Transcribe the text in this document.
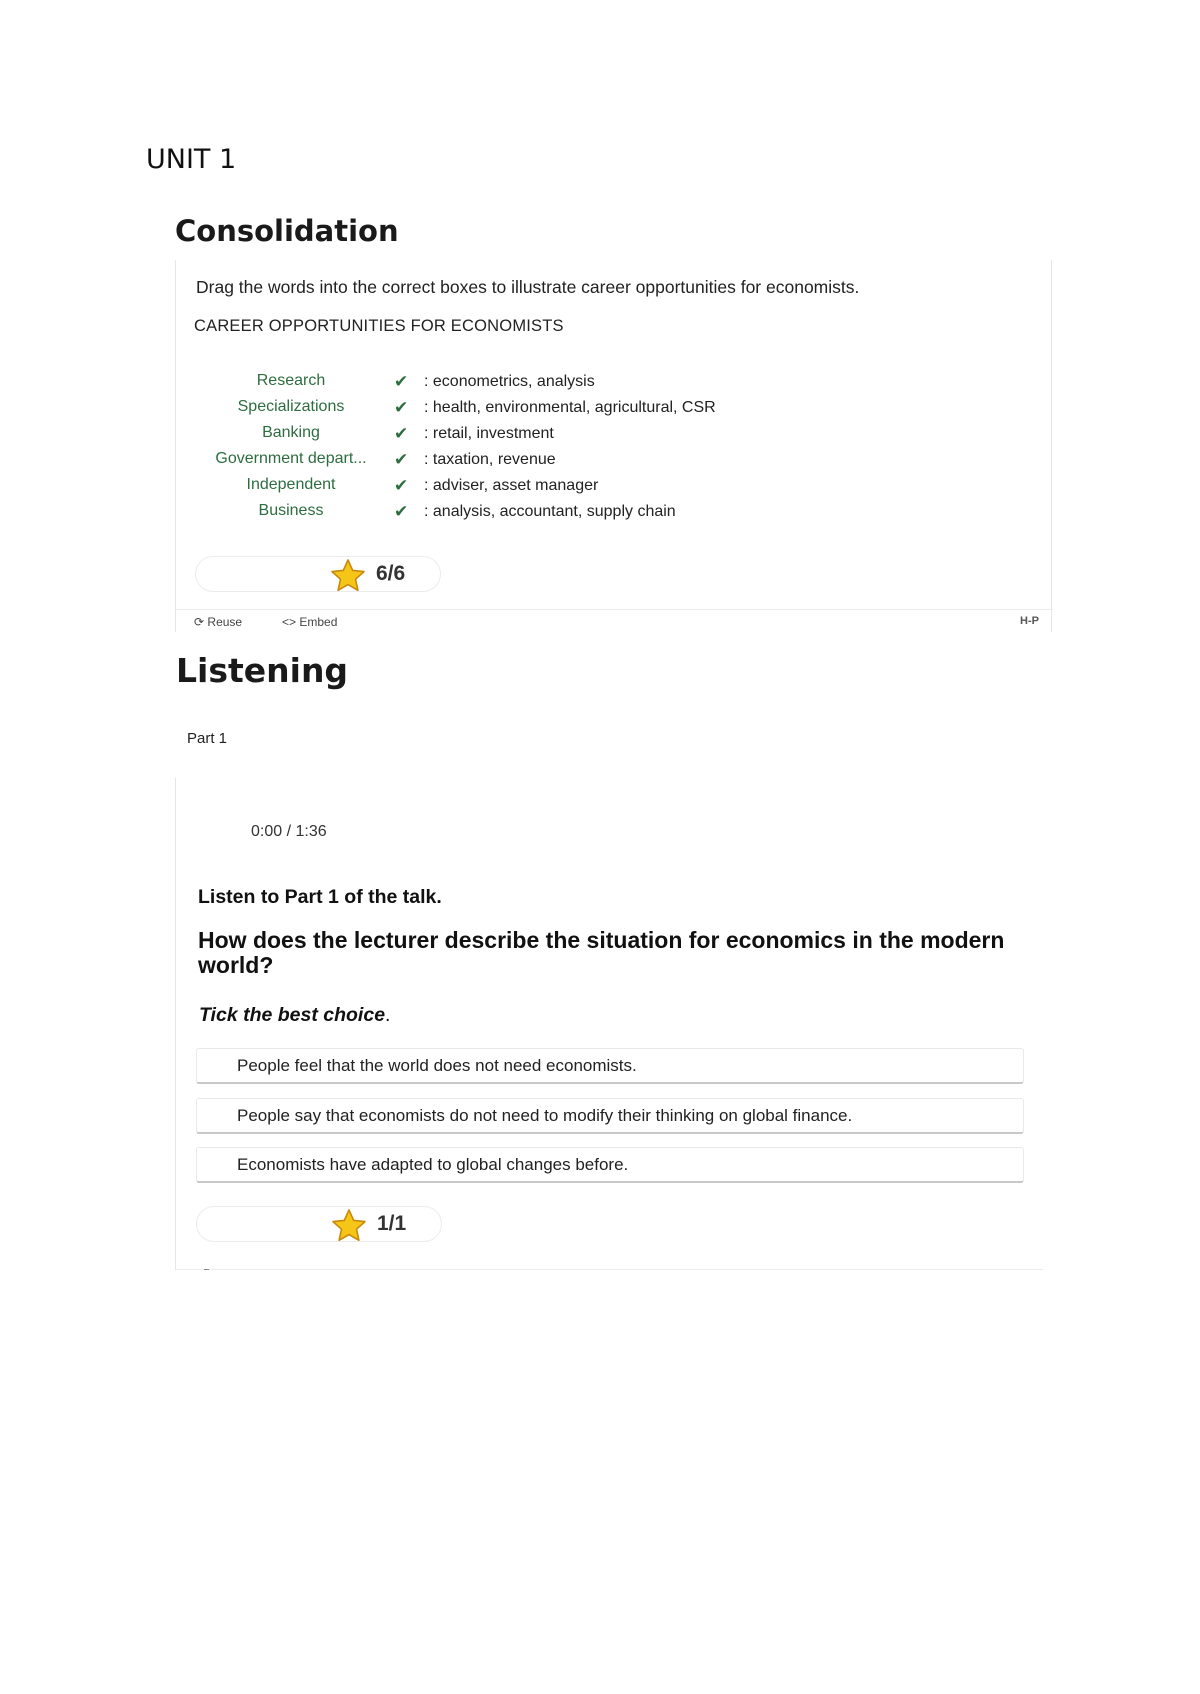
UNIT 1
Consolidation
Drag the words into the correct boxes to illustrate career opportunities for economists.
CAREER OPPORTUNITIES FOR ECONOMISTS
Research	✔ : econometrics, analysis
Specializations	✔ : health, environmental, agricultural, CSR
Banking	✔ : retail, investment
Government depart...	✔ : taxation, revenue
Independent	✔ : adviser, asset manager
Business	✔ : analysis, accountant, supply chain
6/6
⟳ Reuse	<> Embed	H-P
Listening
Part 1
0:00 / 1:36
Listen to Part 1 of the talk.
How does the lecturer describe the situation for economics in the modern world?
Tick the best choice.
People feel that the world does not need economists.
People say that economists do not need to modify their thinking on global finance.
Economists have adapted to global changes before.
1/1
